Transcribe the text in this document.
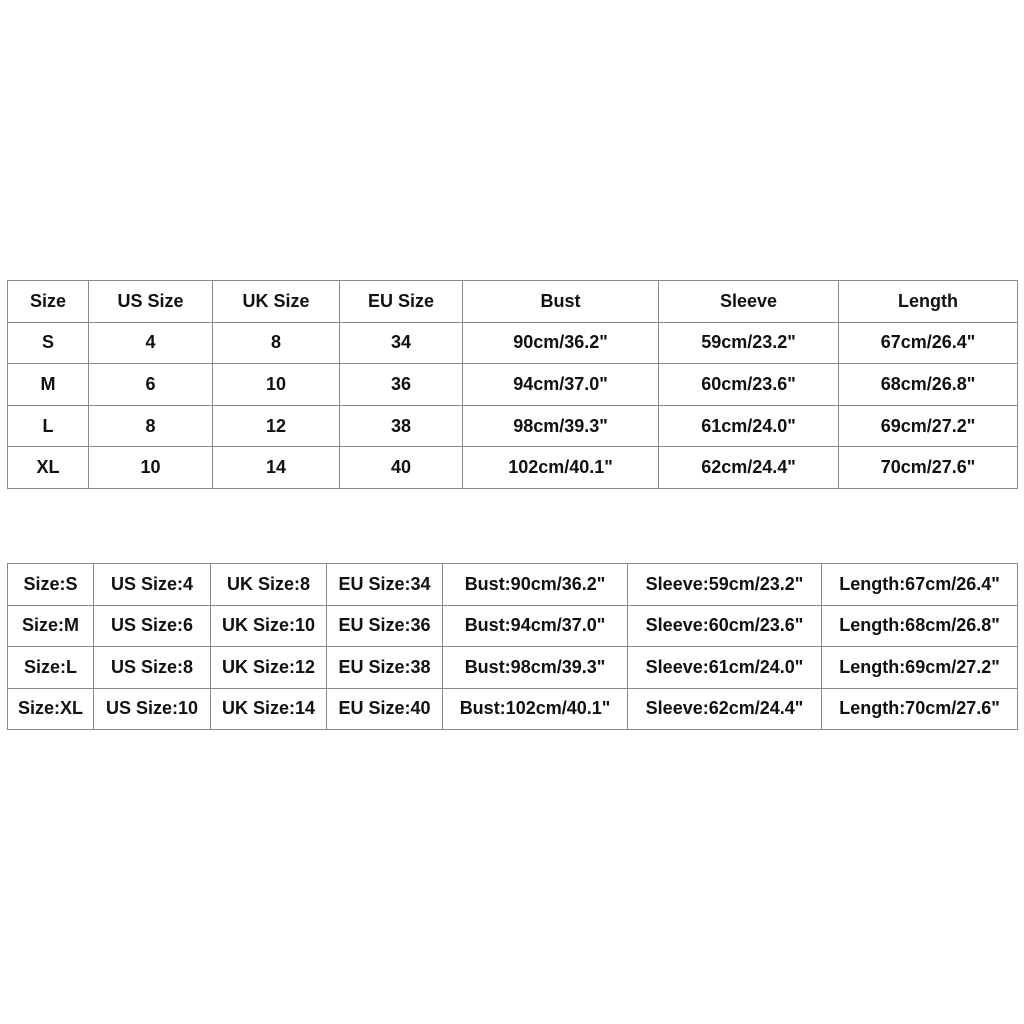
Size	US Size	UK Size	EU Size	Bust	Sleeve	Length
S	4	8	34	90cm/36.2"	59cm/23.2"	67cm/26.4"
M	6	10	36	94cm/37.0"	60cm/23.6"	68cm/26.8"
L	8	12	38	98cm/39.3"	61cm/24.0"	69cm/27.2"
XL	10	14	40	102cm/40.1"	62cm/24.4"	70cm/27.6"
Size:S	US Size:4	UK Size:8	EU Size:34	Bust:90cm/36.2"	Sleeve:59cm/23.2"	Length:67cm/26.4"
Size:M	US Size:6	UK Size:10	EU Size:36	Bust:94cm/37.0"	Sleeve:60cm/23.6"	Length:68cm/26.8"
Size:L	US Size:8	UK Size:12	EU Size:38	Bust:98cm/39.3"	Sleeve:61cm/24.0"	Length:69cm/27.2"
Size:XL	US Size:10	UK Size:14	EU Size:40	Bust:102cm/40.1"	Sleeve:62cm/24.4"	Length:70cm/27.6"
